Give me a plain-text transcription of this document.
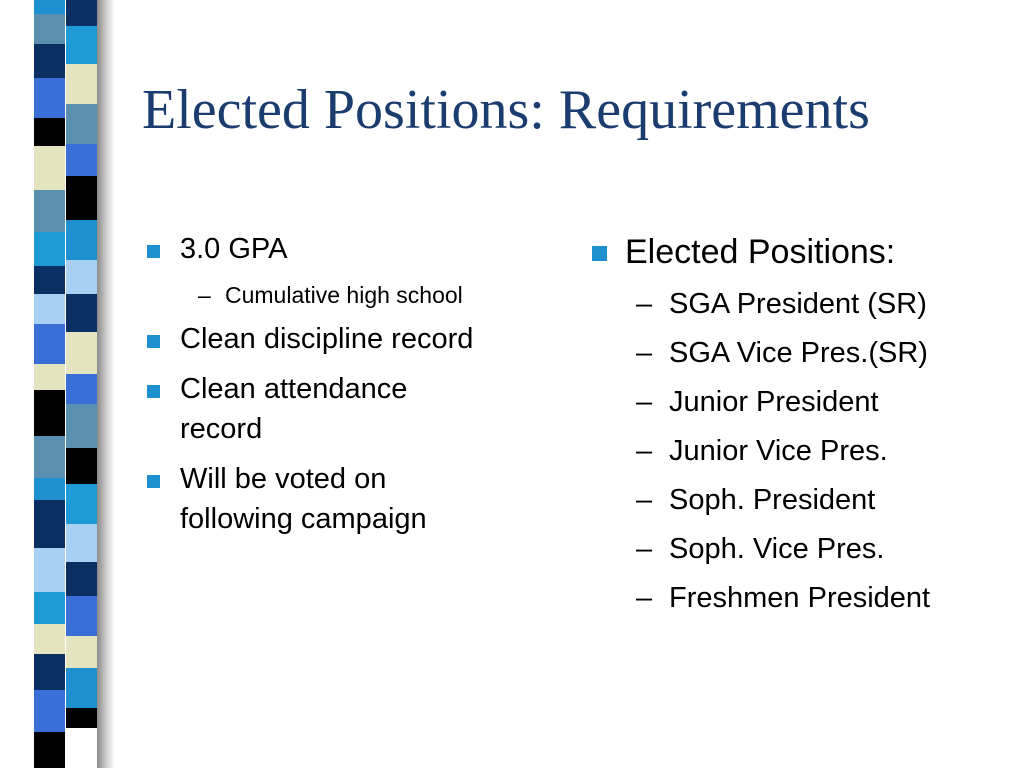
Elected Positions: Requirements
3.0 GPA
– Cumulative high school
Clean discipline record
Clean attendance
record
Will be voted on
following campaign
Elected Positions:
– SGA President (SR)
– SGA Vice Pres.(SR)
– Junior President
– Junior Vice Pres.
– Soph. President
– Soph. Vice Pres.
– Freshmen President
